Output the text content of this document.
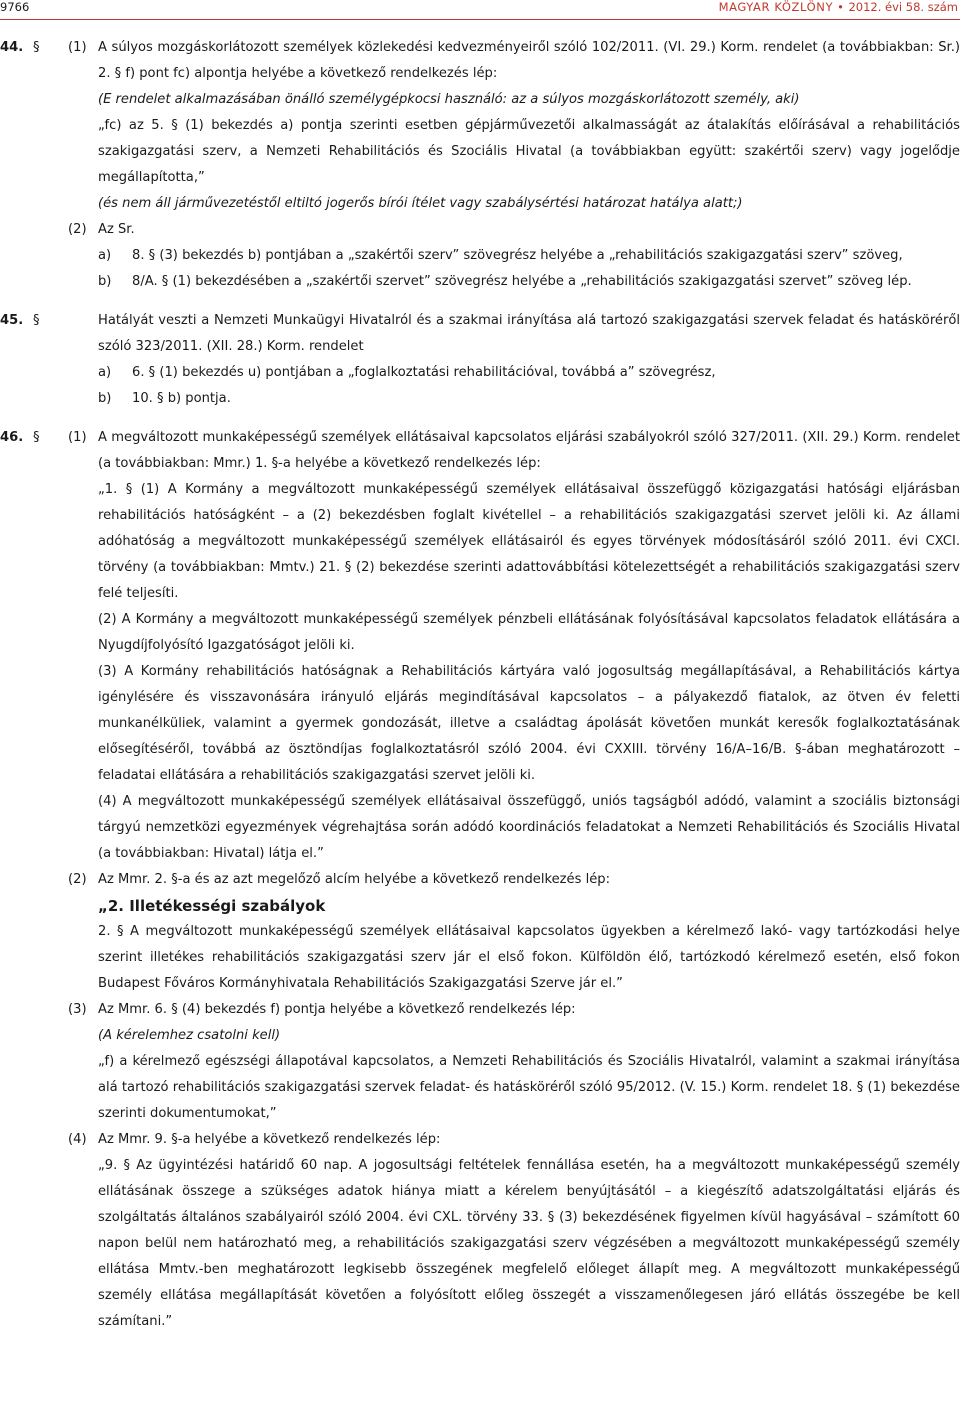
9766	MAGYAR KÖZLÖNY • 2012. évi 58. szám
44. § (1) A súlyos mozgáskorlátozott személyek közlekedési kedvezményeiről szóló 102/2011. (VI. 29.) Korm. rendelet (a továbbiakban: Sr.) 2. § f) pont fc) alpontja helyébe a következő rendelkezés lép:
(E rendelet alkalmazásában önálló személygépkocsi használó: az a súlyos mozgáskorlátozott személy, aki)
„fc) az 5. § (1) bekezdés a) pontja szerinti esetben gépjárművezetői alkalmasságát az átalakítás előírásával a rehabilitációs szakigazgatási szerv, a Nemzeti Rehabilitációs és Szociális Hivatal (a továbbiakban együtt: szakértői szerv) vagy jogelődje megállapította,”
(és nem áll járművezetéstől eltiltó jogerős bírói ítélet vagy szabálysértési határozat hatálya alatt;)
(2) Az Sr.
a) 8. § (3) bekezdés b) pontjában a „szakértői szerv” szövegrész helyébe a „rehabilitációs szakigazgatási szerv” szöveg,
b) 8/A. § (1) bekezdésében a „szakértői szervet” szövegrész helyébe a „rehabilitációs szakigazgatási szervet” szöveg lép.
45. §	Hatályát veszti a Nemzeti Munkaügyi Hivatalról és a szakmai irányítása alá tartozó szakigazgatási szervek feladat és hatásköréről szóló 323/2011. (XII. 28.) Korm. rendelet
a) 6. § (1) bekezdés u) pontjában a „foglalkoztatási rehabilitációval, továbbá a” szövegrész,
b) 10. § b) pontja.
46. § (1) A megváltozott munkaképességű személyek ellátásaival kapcsolatos eljárási szabályokról szóló 327/2011. (XII. 29.) Korm. rendelet (a továbbiakban: Mmr.) 1. §-a helyébe a következő rendelkezés lép:
„1. § (1) A Kormány a megváltozott munkaképességű személyek ellátásaival összefüggő közigazgatási hatósági eljárásban rehabilitációs hatóságként – a (2) bekezdésben foglalt kivétellel – a rehabilitációs szakigazgatási szervet jelöli ki. Az állami adóhatóság a megváltozott munkaképességű személyek ellátásairól és egyes törvények módosításáról szóló 2011. évi CXCI. törvény (a továbbiakban: Mmtv.) 21. § (2) bekezdése szerinti adattovábbítási kötelezettségét a rehabilitációs szakigazgatási szerv felé teljesíti.
(2) A Kormány a megváltozott munkaképességű személyek pénzbeli ellátásának folyósításával kapcsolatos feladatok ellátására a Nyugdíjfolyósító Igazgatóságot jelöli ki.
(3) A Kormány rehabilitációs hatóságnak a Rehabilitációs kártyára való jogosultság megállapításával, a Rehabilitációs kártya igénylésére és visszavonására irányuló eljárás megindításával kapcsolatos – a pályakezdő fiatalok, az ötven év feletti munkanélküliek, valamint a gyermek gondozását, illetve a családtag ápolását követően munkát keresők foglalkoztatásának elősegítéséről, továbbá az ösztöndíjas foglalkoztatásról szóló 2004. évi CXXIII. törvény 16/A–16/B. §-ában meghatározott – feladatai ellátására a rehabilitációs szakigazgatási szervet jelöli ki.
(4) A megváltozott munkaképességű személyek ellátásaival összefüggő, uniós tagságból adódó, valamint a szociális biztonsági tárgyú nemzetközi egyezmények végrehajtása során adódó koordinációs feladatokat a Nemzeti Rehabilitációs és Szociális Hivatal (a továbbiakban: Hivatal) látja el.”
(2) Az Mmr. 2. §-a és az azt megelőző alcím helyébe a következő rendelkezés lép:
„2. Illetékességi szabályok
2. § A megváltozott munkaképességű személyek ellátásaival kapcsolatos ügyekben a kérelmező lakó- vagy tartózkodási helye szerint illetékes rehabilitációs szakigazgatási szerv jár el első fokon. Külföldön élő, tartózkodó kérelmező esetén, első fokon Budapest Főváros Kormányhivatala Rehabilitációs Szakigazgatási Szerve jár el.”
(3) Az Mmr. 6. § (4) bekezdés f) pontja helyébe a következő rendelkezés lép:
(A kérelemhez csatolni kell)
„f) a kérelmező egészségi állapotával kapcsolatos, a Nemzeti Rehabilitációs és Szociális Hivatalról, valamint a szakmai irányítása alá tartozó rehabilitációs szakigazgatási szervek feladat- és hatásköréről szóló 95/2012. (V. 15.) Korm. rendelet 18. § (1) bekezdése szerinti dokumentumokat,”
(4) Az Mmr. 9. §-a helyébe a következő rendelkezés lép:
„9. § Az ügyintézési határidő 60 nap. A jogosultsági feltételek fennállása esetén, ha a megváltozott munkaképességű személy ellátásának összege a szükséges adatok hiánya miatt a kérelem benyújtásától – a kiegészítő adatszolgáltatási eljárás és szolgáltatás általános szabályairól szóló 2004. évi CXL. törvény 33. § (3) bekezdésének figyelmen kívül hagyásával – számított 60 napon belül nem határozható meg, a rehabilitációs szakigazgatási szerv végzésében a megváltozott munkaképességű személy ellátása Mmtv.-ben meghatározott legkisebb összegének megfelelő előleget állapít meg. A megváltozott munkaképességű személy ellátása megállapítását követően a folyósított előleg összegét a visszamenőlegesen járó ellátás összegébe be kell számítani.”
